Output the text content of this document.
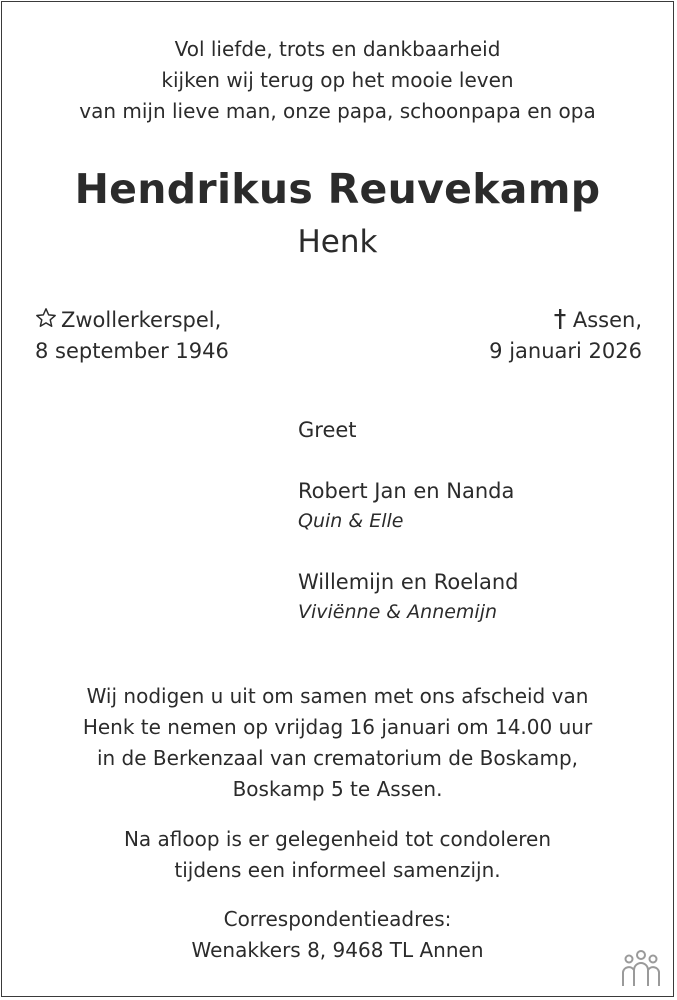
Vol liefde, trots en dankbaarheid
kijken wij terug op het mooie leven
van mijn lieve man, onze papa, schoonpapa en opa
Hendrikus Reuvekamp
Henk
Zwollerkerspel,
8 september 1946
Assen,
9 januari 2026
Greet
Robert Jan en Nanda
Quin & Elle
Willemijn en Roeland
Viviënne & Annemijn
Wij nodigen u uit om samen met ons afscheid van
Henk te nemen op vrijdag 16 januari om 14.00 uur
in de Berkenzaal van crematorium de Boskamp,
Boskamp 5 te Assen.
Na afloop is er gelegenheid tot condoleren
tijdens een informeel samenzijn.
Correspondentieadres:
Wenakkers 8, 9468 TL Annen
